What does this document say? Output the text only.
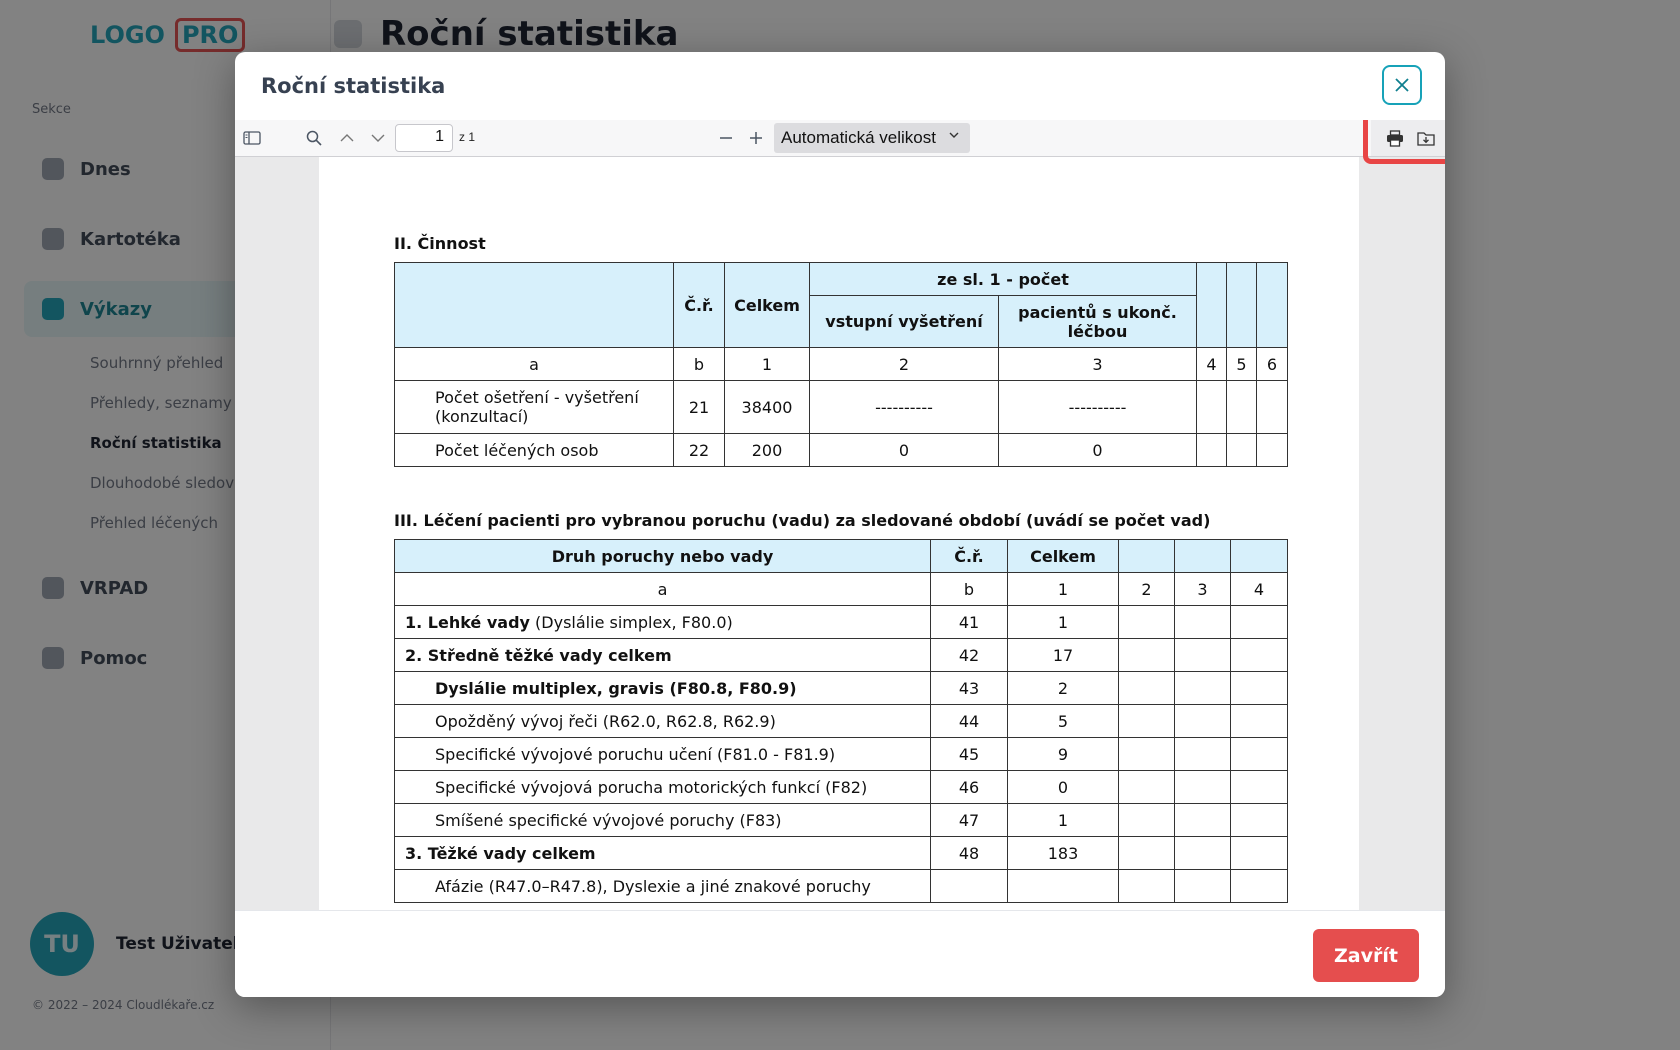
Roční statistika
1	z 1	Automatická velikost
II. Činnost
	Č.ř.	Celkem	ze sl. 1 - počet				
			vstupní vyšetření	pacientů s ukonč. léčbou			
a	b	1	2	3	4	5	6
Počet ošetření - vyšetření (konzultací)	21	38400	----------	----------			
Počet léčených osob	22	200	0	0			
III. Léčení pacienti pro vybranou poruchu (vadu) za sledované období (uvádí se počet vad)
Druh poruchy nebo vady	Č.ř.	Celkem			
a	b	1	2	3	4
1. Lehké vady (Dyslálie simplex, F80.0)	41	1			
2. Středně těžké vady celkem	42	17			
Dyslálie multiplex, gravis (F80.8, F80.9)	43	2			
Opožděný vývoj řeči (R62.0, R62.8, R62.9)	44	5			
Specifické vývojové poruchu učení (F81.0 - F81.9)	45	9			
Specifické vývojová porucha motorických funkcí (F82)	46	0			
Smíšené specifické vývojové poruchy (F83)	47	1			
3. Těžké vady celkem	48	183			
Afázie (R47.0–R47.8), Dyslexie a jiné znakové poruchy					
Zavřít
